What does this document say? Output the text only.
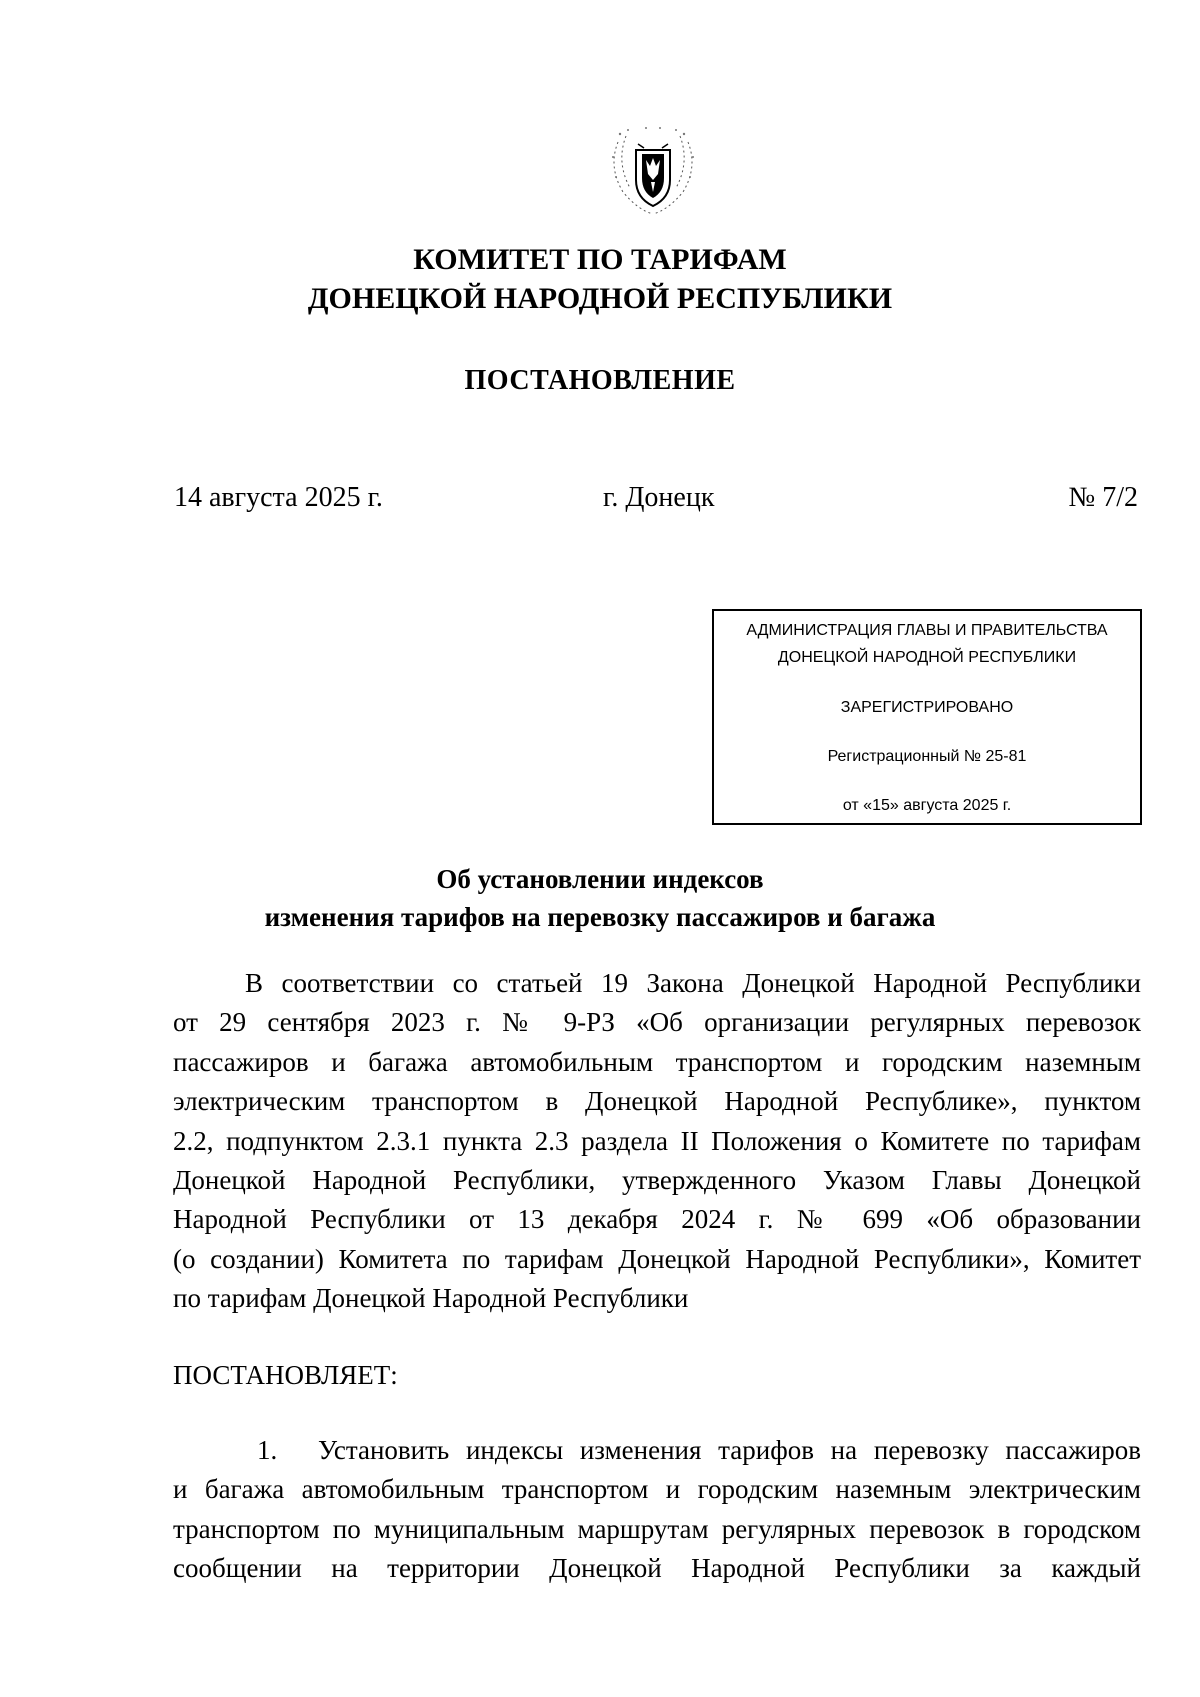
КОМИТЕТ ПО ТАРИФАМ
ДОНЕЦКОЙ НАРОДНОЙ РЕСПУБЛИКИ
ПОСТАНОВЛЕНИЕ
14 августа 2025 г.	г. Донецк	№ 7/2
АДМИНИСТРАЦИЯ ГЛАВЫ И ПРАВИТЕЛЬСТВА
ДОНЕЦКОЙ НАРОДНОЙ РЕСПУБЛИКИ
ЗАРЕГИСТРИРОВАНО
Регистрационный № 25-81
от «15» августа 2025 г.
Об установлении индексов
изменения тарифов на перевозку пассажиров и багажа
В соответствии со статьей 19 Закона Донецкой Народной Республики
от 29 сентября 2023 г. № 9-РЗ «Об организации регулярных перевозок
пассажиров и багажа автомобильным транспортом и городским наземным
электрическим транспортом в Донецкой Народной Республике», пунктом
2.2, подпунктом 2.3.1 пункта 2.3 раздела II Положения о Комитете по тарифам
Донецкой Народной Республики, утвержденного Указом Главы Донецкой
Народной Республики от 13 декабря 2024 г. № 699 «Об образовании
(о создании) Комитета по тарифам Донецкой Народной Республики», Комитет
по тарифам Донецкой Народной Республики
ПОСТАНОВЛЯЕТ:
1. Установить индексы изменения тарифов на перевозку пассажиров
и багажа автомобильным транспортом и городским наземным электрическим
транспортом по муниципальным маршрутам регулярных перевозок в городском
сообщении на территории Донецкой Народной Республики за каждый
